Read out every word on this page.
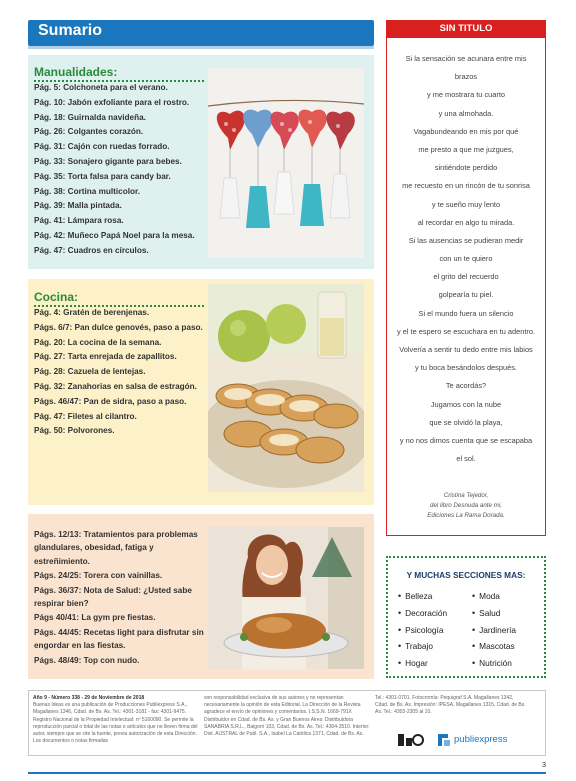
Sumario
Manualidades:
Pág. 5: Colchoneta para el verano.
Pág. 10: Jabón exfoliante para el rostro.
Pág. 18: Guirnalda navideña.
Pág. 26: Colgantes corazón.
Pág. 31: Cajón con ruedas forrado.
Pág. 33: Sonajero gigante para bebes.
Pág. 35: Torta falsa para candy bar.
Pág. 38: Cortina multicolor.
Pág. 39: Malla pintada.
Pág. 41: Lámpara rosa.
Pág. 42: Muñeco Papá Noel para la mesa.
Pág. 47: Cuadros en círculos.
Cocina:
Pág. 4: Gratén de berenjenas.
Págs. 6/7: Pan dulce genovés, paso a paso.
Pág. 20: La cocina de la semana.
Pág. 27: Tarta enrejada de zapallitos.
Pág. 28: Cazuela de lentejas.
Pág. 32: Zanahorias en salsa de estragón.
Págs. 46/47: Pan de sidra, paso a paso.
Pág. 47: Filetes al cilantro.
Pág. 50: Polvorones.
Págs. 12/13: Tratamientos para problemas glandulares, obesidad, fatiga y estreñimiento.
Págs. 24/25: Torera con vainillas.
Págs. 36/37: Nota de Salud: ¿Usted sabe respirar bien?
Págs 40/41: La gym pre fiestas.
Págs. 44/45: Recetas light para disfrutar sin engordar en las fiestas.
Págs. 48/49: Top con nudo.
SIN TITULO
Si la sensación se acunara entre mis
brazos
y me mostrara tu cuarto
y una almohada.
Vagabundeando en mis por qué
me presto a que me juzgues,
sintiéndote perdido
me recuesto en un rincón de tu sonrisa
y te sueño muy lento
al recordar en algo tu mirada.
Si las ausencias se pudieran medir
con un te quiero
el grito del recuerdo
golpearía tu piel.
Si el mundo fuera un silencio
y el te espero se escuchara en tu adentro.
Volvería a sentir tu dedo entre mis labios
y tu boca besándolos después.
Te acordás?
Jugamos con la nube
que se olvidó la playa,
y no nos dimos cuenta que se escapaba
el sol.
Cristina Tejedor,
del libro Desnuda ante mi,
Ediciones La Rama Dorada.
Y MUCHAS SECCIONES MAS:
• Belleza
• Decoración
• Psicología
• Trabajo
• Hogar
• Moda
• Salud
• Jardinería
• Mascotas
• Nutrición
Año 9 - Número 338 - 29 de Noviembre de 2018
Buenas Ideas es una publicación de Producciones Publiexpress S.A., Magallanes 1346, Cdad. de Bs. As. Tel.: 4301-3181 - fax: 4301-9475. Registro Nacional de la Propiedad Intelectual: nº 5160090. Se permite la reproducción parcial o total de las notas o artículos que no lleven firma del autor, siempre que se cite la fuente, previa autorización de esta Dirección. Los documentos o notas firmadas
son responsabilidad exclusiva de sus autores y no representan necesariamente la opinión de esta Editorial. La Dirección de la Revista agradece el envío de opiniones y comentarios. I.S.S.N. 1669-791X Distribuidor en Cdad. de Bs. As. y Gran Buenos Aires: Distribuidora SANABRIA S.R.L., Baigorri 103, Cdad. de Bs. As. Tel.: 4304-3510. Interior: Dist. AUSTRAL de Publ. S.A., Isabel La Católica 1371, Cdad. de Bs. As.
Tel.: 4301-0701. Fotocromía: Pequigraf S.A. Magallanes 1342, Cdad. de Bs. As. Impresión: IPESA, Magallanes 1315, Cdad. de Bs. As. Tel.: 4303-2305 al 10.
publiexpress
3
